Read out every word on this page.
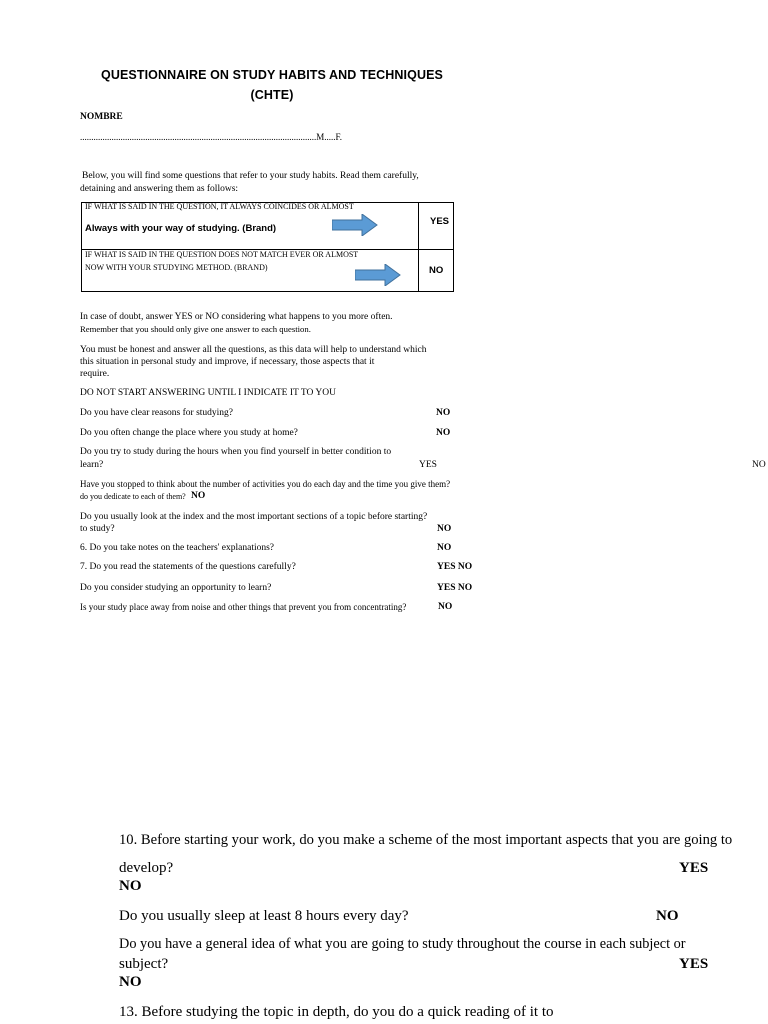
QUESTIONNAIRE ON STUDY HABITS AND TECHNIQUES
(CHTE)
NOMBRE
.........................................................................................................M.....F.
Below, you will find some questions that refer to your study habits. Read them carefully,
detaining and answering them as follows:
IF WHAT IS SAID IN THE QUESTION, IT ALWAYS COINCIDES OR ALMOST
Always with your way of studying. (Brand)
YES
IF WHAT IS SAID IN THE QUESTION DOES NOT MATCH EVER OR ALMOST
NOW WITH YOUR STUDYING METHOD. (BRAND)	NO
In case of doubt, answer YES or NO considering what happens to you more often.
Remember that you should only give one answer to each question.
You must be honest and answer all the questions, as this data will help to understand which
this situation in personal study and improve, if necessary, those aspects that it
require.
DO NOT START ANSWERING UNTIL I INDICATE IT TO YOU
Do you have clear reasons for studying?	NO
Do you often change the place where you study at home?	NO
Do you try to study during the hours when you find yourself in better condition to
learn?	YES	NO
Have you stopped to think about the number of activities you do each day and the time you give them?
do you dedicate to each of them? NO
Do you usually look at the index and the most important sections of a topic before starting?
to study?	NO
6. Do you take notes on the teachers' explanations?	NO
7. Do you read the statements of the questions carefully?	YES NO
Do you consider studying an opportunity to learn?	YES NO
Is your study place away from noise and other things that prevent you from concentrating?	NO
10. Before starting your work, do you make a scheme of the most important aspects that you are going to
develop?	YES
NO
Do you usually sleep at least 8 hours every day?	NO
Do you have a general idea of what you are going to study throughout the course in each subject or
subject?	YES
NO
13. Before studying the topic in depth, do you do a quick reading of it to
